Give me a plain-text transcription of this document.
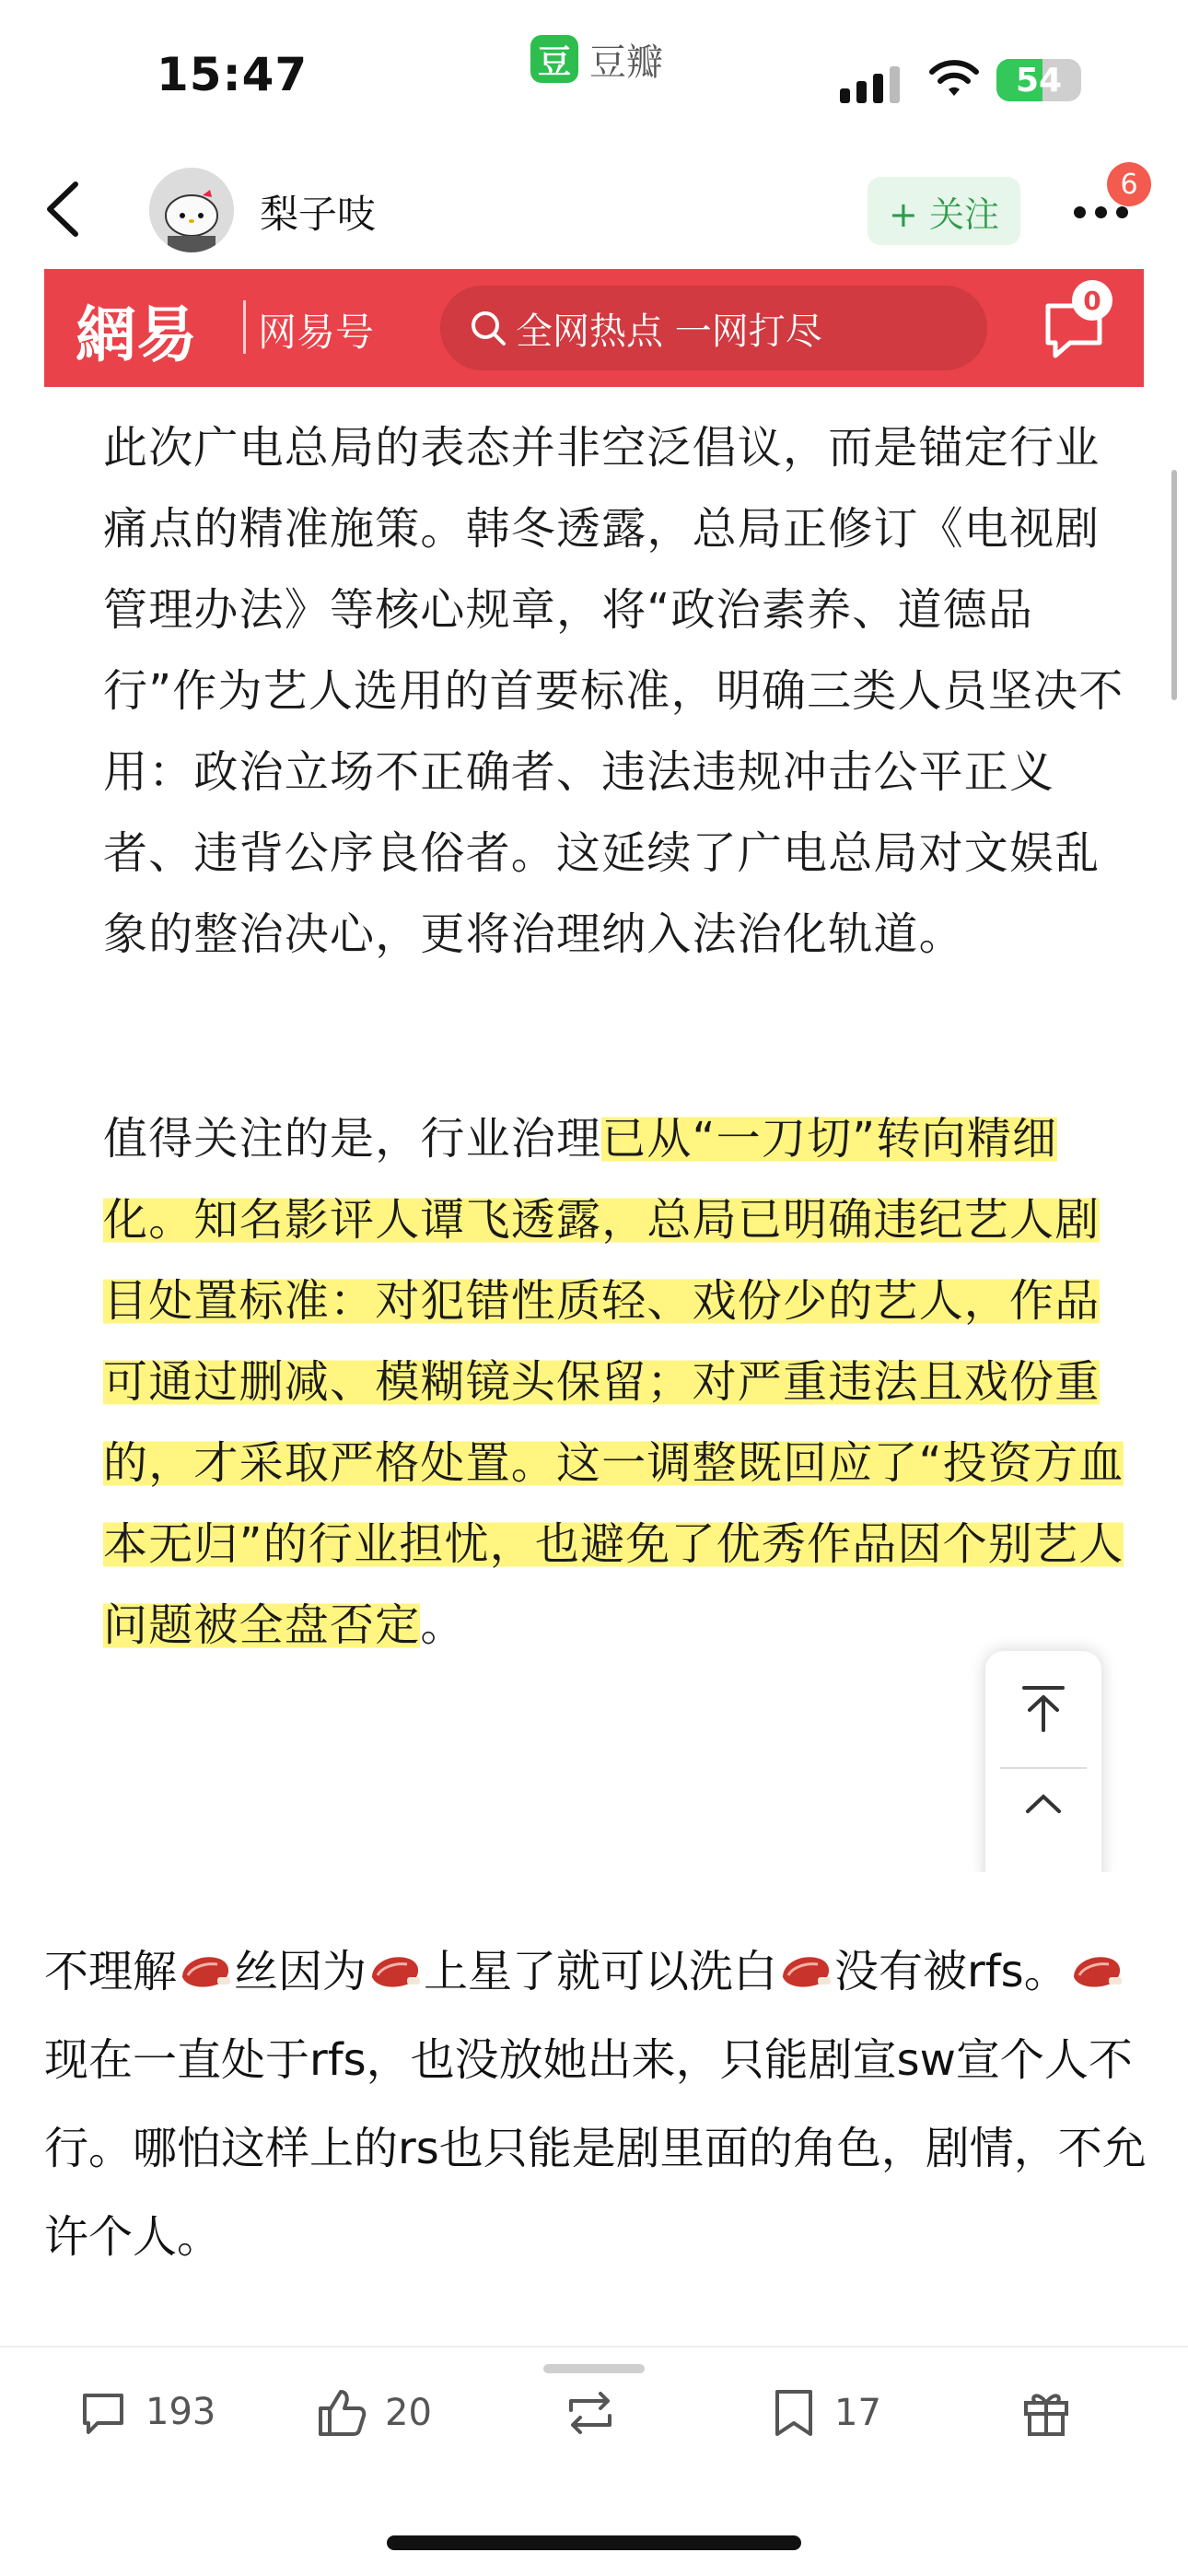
15:47	豆 豆瓣	54
梨子吱	+ 关注
6
網易 网易号	全网热点 一网打尽
0

此次广电总局的表态并非空泛倡议，而是锚定行业痛点的精准施策。韩冬透露，总局正修订《电视剧管理办法》等核心规章，将“政治素养、道德品行”作为艺人选用的首要标准，明确三类人员坚决不用：政治立场不正确者、违法违规冲击公平正义者、违背公序良俗者。这延续了广电总局对文娱乱象的整治决心，更将治理纳入法治化轨道。

值得关注的是，行业治理已从“一刀切”转向精细化。知名影评人谭飞透露，总局已明确违纪艺人剧目处置标准：对犯错性质轻、戏份少的艺人，作品可通过删减、模糊镜头保留；对严重违法且戏份重的，才采取严格处置。这一调整既回应了“投资方血本无归”的行业担忧，也避免了优秀作品因个别艺人问题被全盘否定。

不理解 丝因为 上星了就可以洗白 没有被rfs。现在一直处于rfs，也没放她出来，只能剧宣sw宣个人不行。哪怕这样上的rs也只能是剧里面的角色，剧情，不允许个人。

193	20	17
